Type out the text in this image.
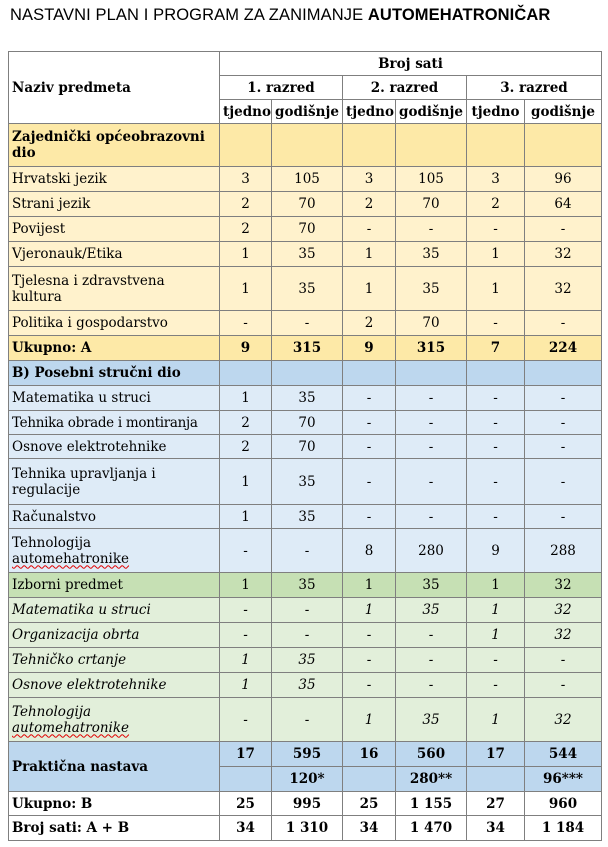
NASTAVNI PLAN I PROGRAM ZA ZANIMANJE AUTOMEHATRONIČAR
Naziv predmeta	Broj sati					
	1. razred		2. razred		3. razred	
	tjedno	godišnje	tjedno	godišnje	tjedno	godišnje
Zajednički općeobrazovni dio						
Hrvatski jezik	3	105	3	105	3	96
Strani jezik	2	70	2	70	2	64
Povijest	2	70	-	-	-	-
Vjeronauk/Etika	1	35	1	35	1	32
Tjelesna i zdravstvena kultura	1	35	1	35	1	32
Politika i gospodarstvo	-	-	2	70	-	-
Ukupno: A	9	315	9	315	7	224
B) Posebni stručni dio						
Matematika u struci	1	35	-	-	-	-
Tehnika obrade i montiranja	2	70	-	-	-	-
Osnove elektrotehnike	2	70	-	-	-	-
Tehnika upravljanja i regulacije	1	35	-	-	-	-
Računalstvo	1	35	-	-	-	-
Tehnologija
automehatronike	-	-	8	280	9	288
Izborni predmet	1	35	1	35	1	32
Matematika u struci	-	-	1	35	1	32
Organizacija obrta	-	-	-	-	1	32
Tehničko crtanje	1	35	-	-	-	-
Osnove elektrotehnike	1	35	-	-	-	-
Tehnologija
automehatronike	-	-	1	35	1	32
Praktična nastava	17	595	16	560	17	544
		120*		280**		96***
Ukupno: B	25	995	25	1 155	27	960
Broj sati: A + B	34	1 310	34	1 470	34	1 184
